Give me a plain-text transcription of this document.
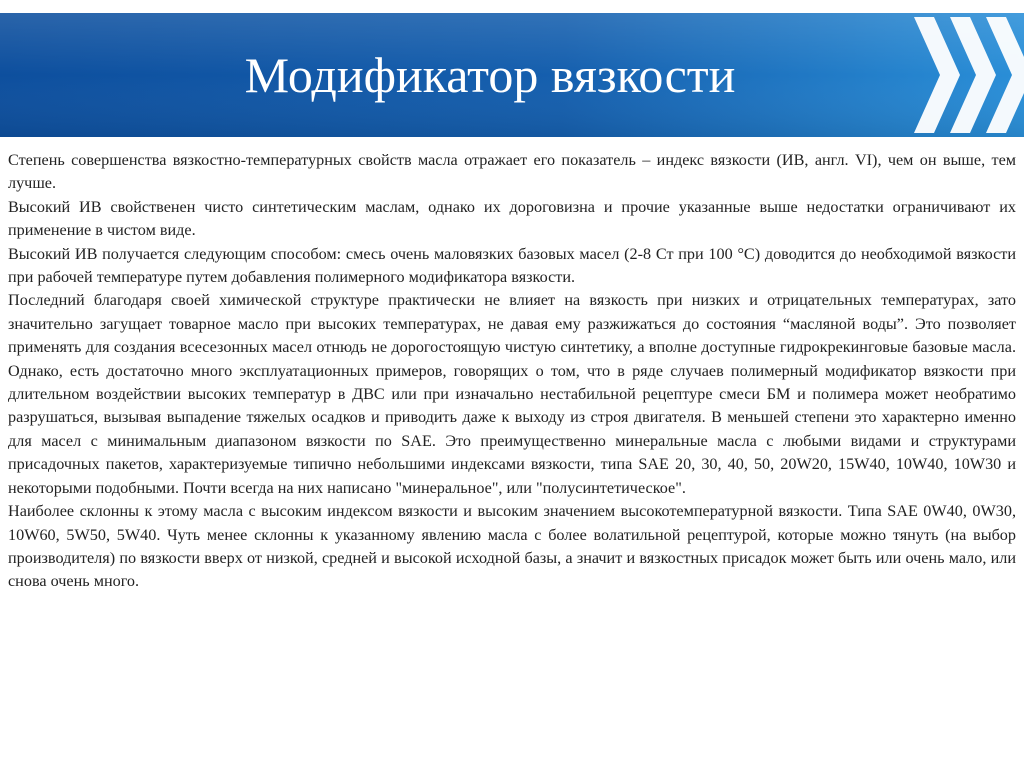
Модификатор вязкости

Степень совершенства вязкостно-температурных свойств масла отражает его показатель – индекс вязкости (ИВ, англ. VI), чем он выше, тем лучше.

Высокий ИВ свойственен чисто синтетическим маслам, однако их дороговизна и прочие указанные выше недостатки ограничивают их применение в чистом виде.

Высокий ИВ получается следующим способом: смесь очень маловязких базовых масел (2-8 Ст при 100 °С) доводится до необходимой вязкости при рабочей температуре путем добавления полимерного модификатора вязкости.

Последний благодаря своей химической структуре практически не влияет на вязкость при низких и отрицательных температурах, зато значительно загущает товарное масло при высоких температурах, не давая ему разжижаться до состояния “масляной воды”. Это позволяет применять для создания всесезонных масел отнюдь не дорогостоящую чистую синтетику, а вполне доступные гидрокрекинговые базовые масла. Однако, есть достаточно много эксплуатационных примеров, говорящих о том, что в ряде случаев полимерный модификатор вязкости при длительном воздействии высоких температур в ДВС или при изначально нестабильной рецептуре смеси БМ и полимера может необратимо разрушаться, вызывая выпадение тяжелых осадков и приводить даже к выходу из строя двигателя. В меньшей степени это характерно именно для масел с минимальным диапазоном вязкости по SAE. Это преимущественно минеральные масла с любыми видами и структурами присадочных пакетов, характеризуемые типично небольшими индексами вязкости, типа SAE 20, 30, 40, 50, 20W20, 15W40, 10W40, 10W30 и некоторыми подобными. Почти всегда на них написано "минеральное", или "полусинтетическое".

Наиболее склонны к этому масла с высоким индексом вязкости и высоким значением высокотемпературной вязкости. Типа SAE 0W40, 0W30, 10W60, 5W50, 5W40. Чуть менее склонны к указанному явлению масла с более волатильной рецептурой, которые можно тянуть (на выбор производителя) по вязкости вверх от низкой, средней и высокой исходной базы, а значит и вязкостных присадок может быть или очень мало, или снова очень много.
